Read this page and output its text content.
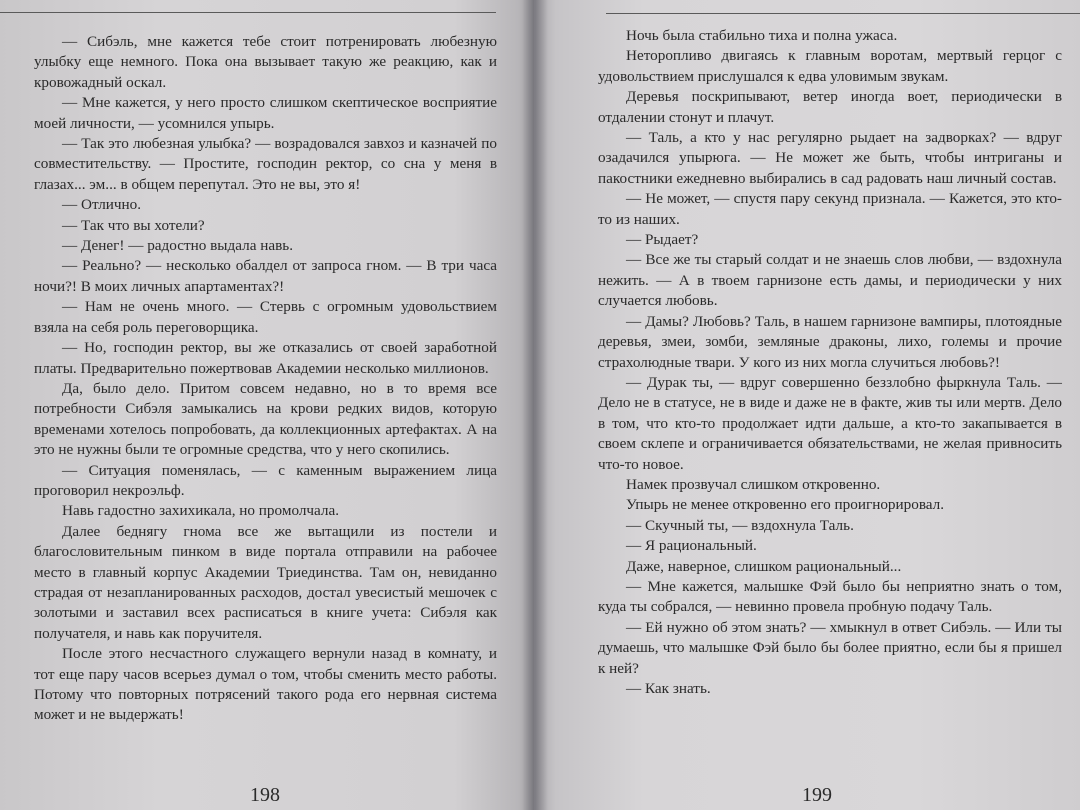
— Сибэль, мне кажется тебе стоит потренировать любезную улыбку еще немного. Пока она вызывает такую же реакцию, как и кровожадный оскал.

— Мне кажется, у него просто слишком скептическое восприятие моей личности, — усомнился упырь.

— Так это любезная улыбка? — возрадовался завхоз и казначей по совместительству. — Простите, господин ректор, со сна у меня в глазах... эм... в общем перепутал. Это не вы, это я!

— Отлично.

— Так что вы хотели?

— Денег! — радостно выдала навь.

— Реально? — несколько обалдел от запроса гном. — В три часа ночи?! В моих личных апартаментах?!

— Нам не очень много. — Стервь с огромным удовольствием взяла на себя роль переговорщика.

— Но, господин ректор, вы же отказались от своей заработной платы. Предварительно пожертвовав Академии несколько миллионов.

Да, было дело. Притом совсем недавно, но в то время все потребности Сибэля замыкались на крови редких видов, которую временами хотелось попробовать, да коллекционных артефактах. А на это не нужны были те огромные средства, что у него скопились.

— Ситуация поменялась, — с каменным выражением лица проговорил некроэльф.

Навь гадостно захихикала, но промолчала.

Далее беднягу гнома все же вытащили из постели и благословительным пинком в виде портала отправили на рабочее место в главный корпус Академии Триединства. Там он, невиданно страдая от незапланированных расходов, достал увесистый мешочек с золотыми и заставил всех расписаться в книге учета: Сибэля как получателя, и навь как поручителя.

После этого несчастного служащего вернули назад в комнату, и тот еще пару часов всерьез думал о том, чтобы сменить место работы. Потому что повторных потрясений такого рода его нервная система может и не выдержать!

198

Ночь была стабильно тиха и полна ужаса.

Неторопливо двигаясь к главным воротам, мертвый герцог с удовольствием прислушался к едва уловимым звукам.

Деревья поскрипывают, ветер иногда воет, периодически в отдалении стонут и плачут.

— Таль, а кто у нас регулярно рыдает на задворках? — вдруг озадачился упырюга. — Не может же быть, чтобы интриганы и пакостники ежедневно выбирались в сад радовать наш личный состав.

— Не может, — спустя пару секунд признала. — Кажется, это кто-то из наших.

— Рыдает?

— Все же ты старый солдат и не знаешь слов любви, — вздохнула нежить. — А в твоем гарнизоне есть дамы, и периодически у них случается любовь.

— Дамы? Любовь? Таль, в нашем гарнизоне вампиры, плотоядные деревья, змеи, зомби, земляные драконы, лихо, големы и прочие страхолюдные твари. У кого из них могла случиться любовь?!

— Дурак ты, — вдруг совершенно беззлобно фыркнула Таль. — Дело не в статусе, не в виде и даже не в факте, жив ты или мертв. Дело в том, что кто-то продолжает идти дальше, а кто-то закапывается в своем склепе и ограничивается обязательствами, не желая привносить что-то новое.

Намек прозвучал слишком откровенно.

Упырь не менее откровенно его проигнорировал.

— Скучный ты, — вздохнула Таль.

— Я рациональный.

Даже, наверное, слишком рациональный...

— Мне кажется, малышке Фэй было бы неприятно знать о том, куда ты собрался, — невинно провела пробную подачу Таль.

— Ей нужно об этом знать? — хмыкнул в ответ Сибэль. — Или ты думаешь, что малышке Фэй было бы более приятно, если бы я пришел к ней?

— Как знать.

199
